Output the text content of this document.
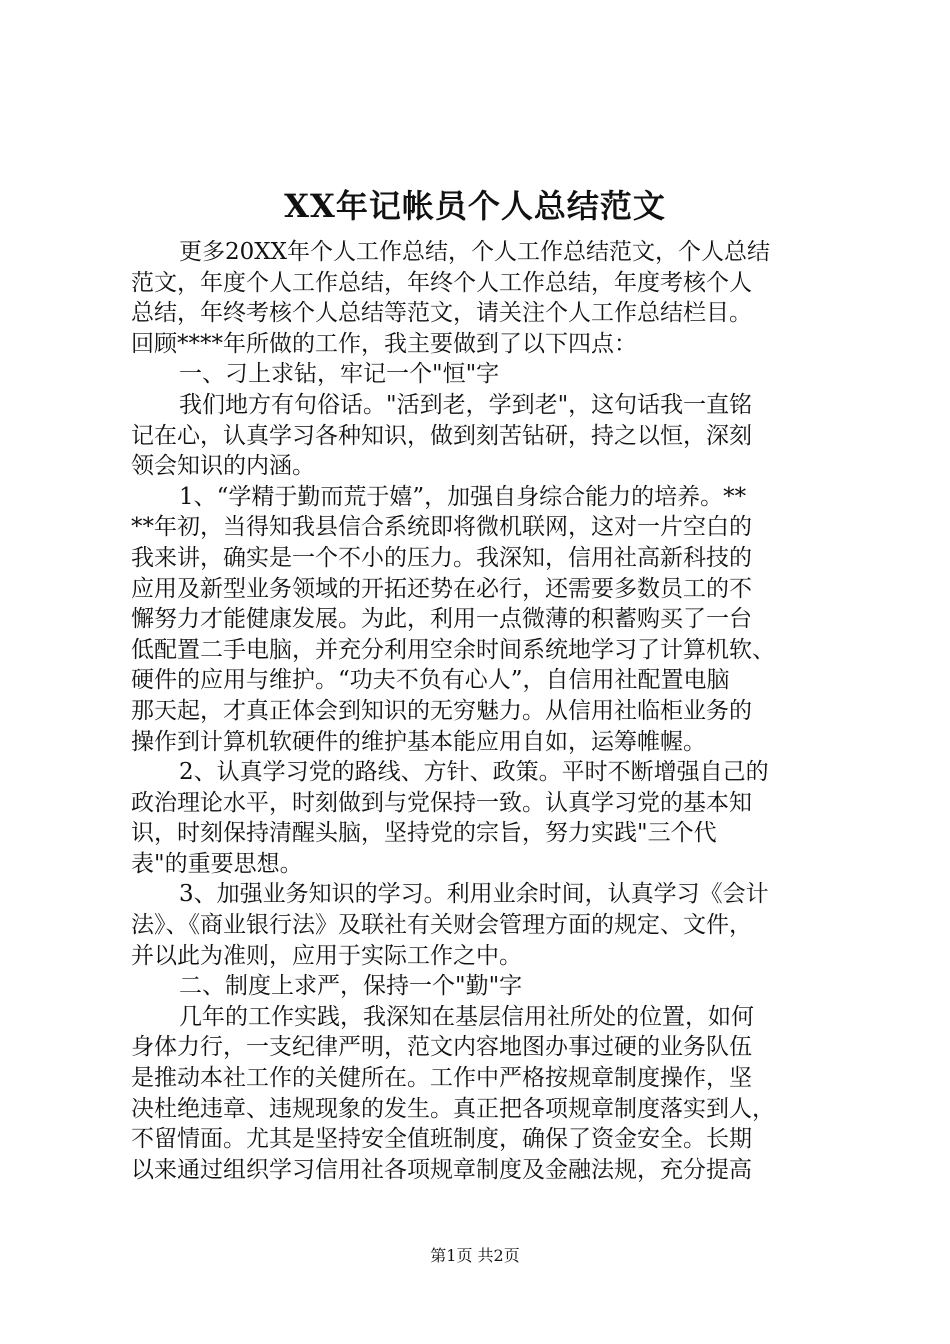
XX年记帐员个人总结范文
更多20XX年个人工作总结，个人工作总结范文，个人总结
范文，年度个人工作总结，年终个人工作总结，年度考核个人
总结，年终考核个人总结等范文，请关注个人工作总结栏目。
回顾****年所做的工作，我主要做到了以下四点：
一、刁上求钻，牢记一个"恒"字
我们地方有句俗话。"活到老，学到老"，这句话我一直铭
记在心，认真学习各种知识，做到刻苦钻研，持之以恒，深刻
领会知识的内涵。
1、“学精于勤而荒于嬉”，加强自身综合能力的培养。**
**年初，当得知我县信合系统即将微机联网，这对一片空白的
我来讲，确实是一个不小的压力。我深知，信用社高新科技的
应用及新型业务领域的开拓还势在必行，还需要多数员工的不
懈努力才能健康发展。为此，利用一点微薄的积蓄购买了一台
低配置二手电脑，并充分利用空余时间系统地学习了计算机软、
硬件的应用与维护。“功夫不负有心人”，自信用社配置电脑
那天起，才真正体会到知识的无穷魅力。从信用社临柜业务的
操作到计算机软硬件的维护基本能应用自如，运筹帷幄。
2、认真学习党的路线、方针、政策。平时不断增强自己的
政治理论水平，时刻做到与党保持一致。认真学习党的基本知
识，时刻保持清醒头脑，坚持党的宗旨，努力实践"三个代
表"的重要思想。
3、加强业务知识的学习。利用业余时间，认真学习《会计
法》、《商业银行法》及联社有关财会管理方面的规定、文件，
并以此为准则，应用于实际工作之中。
二、制度上求严，保持一个"勤"字
几年的工作实践，我深知在基层信用社所处的位置，如何
身体力行，一支纪律严明，范文内容地图办事过硬的业务队伍
是推动本社工作的关健所在。工作中严格按规章制度操作，坚
决杜绝违章、违规现象的发生。真正把各项规章制度落实到人，
不留情面。尤其是坚持安全值班制度，确保了资金安全。长期
以来通过组织学习信用社各项规章制度及金融法规，充分提高
第1页 共2页
